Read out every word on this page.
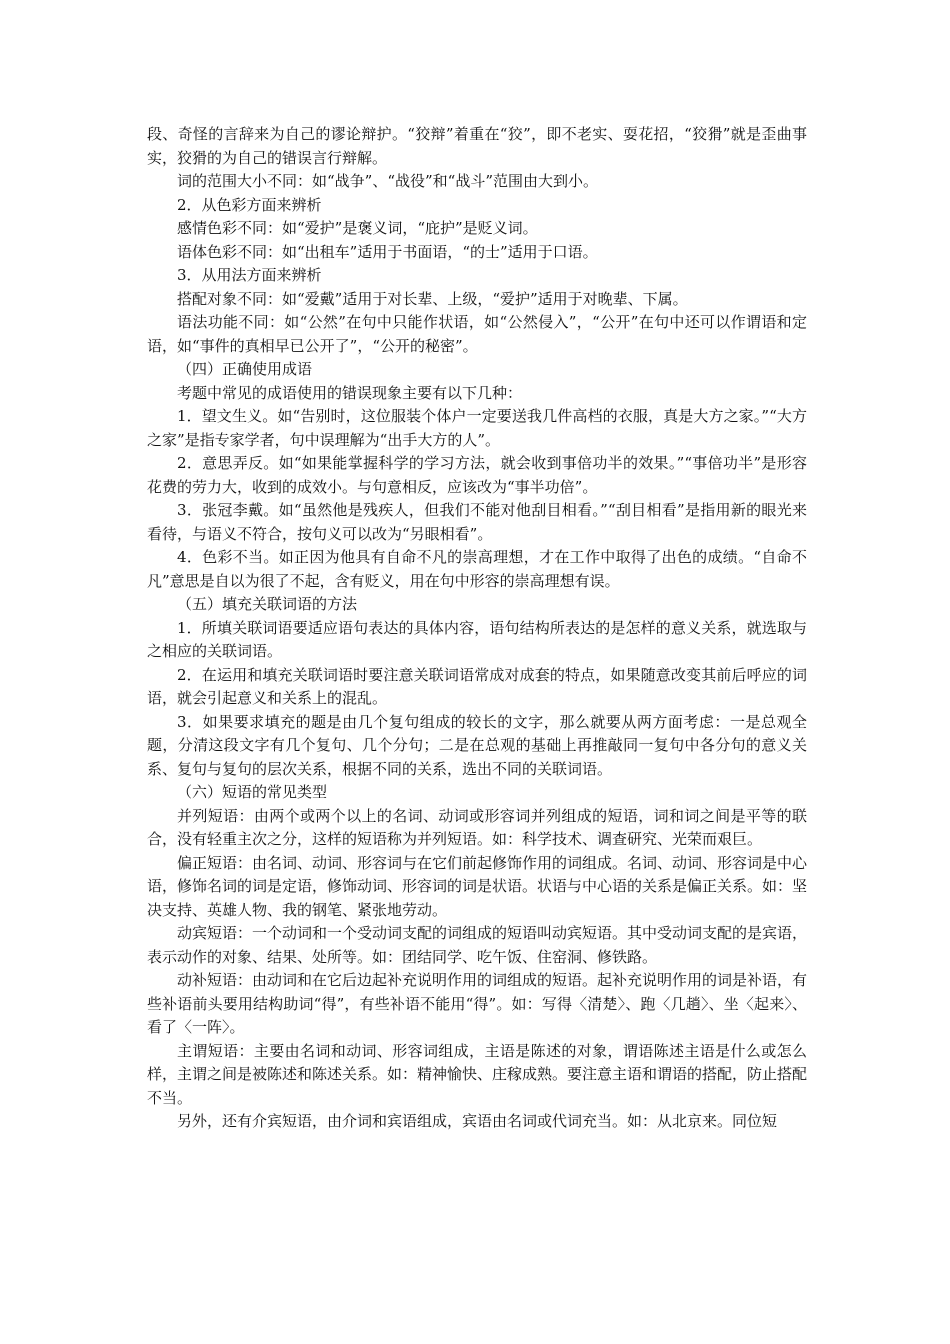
段、奇怪的言辞来为自己的谬论辩护。“狡辩”着重在“狡”，即不老实、耍花招，“狡猾”就是歪曲事实，狡猾的为自己的错误言行辩解。

词的范围大小不同：如“战争”、“战役”和“战斗”范围由大到小。

2．从色彩方面来辨析

感情色彩不同：如“爱护”是褒义词，“庇护”是贬义词。

语体色彩不同：如“出租车”适用于书面语，“的士”适用于口语。

3．从用法方面来辨析

搭配对象不同：如“爱戴”适用于对长辈、上级，“爱护”适用于对晚辈、下属。

语法功能不同：如“公然”在句中只能作状语，如“公然侵入”，“公开”在句中还可以作谓语和定语，如“事件的真相早已公开了”，“公开的秘密”。

（四）正确使用成语

考题中常见的成语使用的错误现象主要有以下几种：

1．望文生义。如“告别时，这位服装个体户一定要送我几件高档的衣服，真是大方之家。”“大方之家”是指专家学者，句中误理解为“出手大方的人”。

2．意思弄反。如“如果能掌握科学的学习方法，就会收到事倍功半的效果。”“事倍功半”是形容花费的劳力大，收到的成效小。与句意相反，应该改为“事半功倍”。

3．张冠李戴。如“虽然他是残疾人，但我们不能对他刮目相看。”“刮目相看”是指用新的眼光来看待，与语义不符合，按句义可以改为“另眼相看”。

4．色彩不当。如正因为他具有自命不凡的崇高理想，才在工作中取得了出色的成绩。“自命不凡”意思是自以为很了不起，含有贬义，用在句中形容的崇高理想有误。

（五）填充关联词语的方法

1．所填关联词语要适应语句表达的具体内容，语句结构所表达的是怎样的意义关系，就选取与之相应的关联词语。

2．在运用和填充关联词语时要注意关联词语常成对成套的特点，如果随意改变其前后呼应的词语，就会引起意义和关系上的混乱。

3．如果要求填充的题是由几个复句组成的较长的文字，那么就要从两方面考虑：一是总观全题，分清这段文字有几个复句、几个分句；二是在总观的基础上再推敲同一复句中各分句的意义关系、复句与复句的层次关系，根据不同的关系，选出不同的关联词语。

（六）短语的常见类型

并列短语：由两个或两个以上的名词、动词或形容词并列组成的短语，词和词之间是平等的联合，没有轻重主次之分，这样的短语称为并列短语。如：科学技术、调查研究、光荣而艰巨。

偏正短语：由名词、动词、形容词与在它们前起修饰作用的词组成。名词、动词、形容词是中心语，修饰名词的词是定语，修饰动词、形容词的词是状语。状语与中心语的关系是偏正关系。如：坚决支持、英雄人物、我的钢笔、紧张地劳动。

动宾短语：一个动词和一个受动词支配的词组成的短语叫动宾短语。其中受动词支配的是宾语，表示动作的对象、结果、处所等。如：团结同学、吃午饭、住窑洞、修铁路。

动补短语：由动词和在它后边起补充说明作用的词组成的短语。起补充说明作用的词是补语，有些补语前头要用结构助词“得”，有些补语不能用“得”。如：写得〈清楚〉、跑〈几趟〉、坐〈起来〉、看了〈一阵〉。

主谓短语：主要由名词和动词、形容词组成，主语是陈述的对象，谓语陈述主语是什么或怎么样，主谓之间是被陈述和陈述关系。如：精神愉快、庄稼成熟。要注意主语和谓语的搭配，防止搭配不当。

另外，还有介宾短语，由介词和宾语组成，宾语由名词或代词充当。如：从北京来。同位短
